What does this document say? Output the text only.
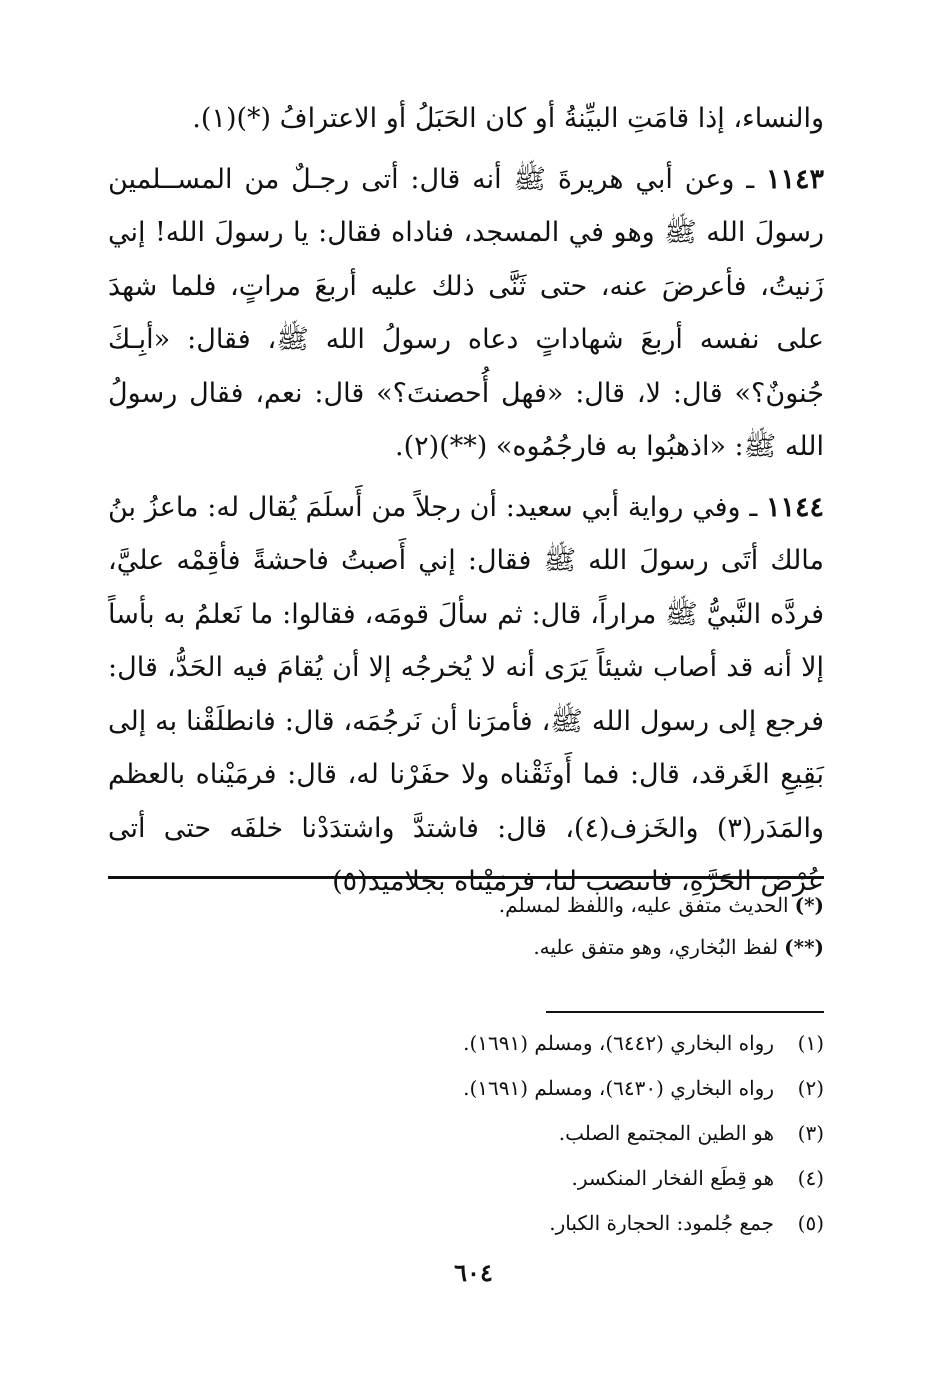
والنساء، إذا قامَتِ البيِّنةُ أو كان الحَبَلُ أو الاعترافُ (*)(١).

١١٤٣ ـ وعن أبي هريرةَ ﷺ أنه قال: أتى رجـلٌ من المســلمين رسولَ الله ﷺ وهو في المسجد، فناداه فقال: يا رسولَ الله! إني زَنيتُ، فأعرضَ عنه، حتى ثَنَّى ذلك عليه أربعَ مراتٍ، فلما شهدَ على نفسه أربعَ شهاداتٍ دعاه رسولُ الله ﷺ، فقال: «أبِـكَ جُنونٌ؟» قال: لا، قال: «فهل أُحصنتَ؟» قال: نعم، فقال رسولُ الله ﷺ: «اذهبُوا به فارجُمُوه» (**)(٢).

١١٤٤ ـ وفي رواية أبي سعيد: أن رجلاً من أَسلَمَ يُقال له: ماعزُ بنُ مالك أتَى رسولَ الله ﷺ فقال: إني أَصبتُ فاحشةً فأقِمْه عليَّ، فردَّه النَّبيُّ ﷺ مراراً، قال: ثم سألَ قومَه، فقالوا: ما نَعلمُ به بأساً إلا أنه قد أصاب شيئاً يَرَى أنه لا يُخرجُه إلا أن يُقامَ فيه الحَدُّ، قال: فرجع إلى رسول الله ﷺ، فأمرَنا أن نَرجُمَه، قال: فانطلَقْنا به إلى بَقِيعِ الغَرقد، قال: فما أَوثَقْناه ولا حفَرْنا له، قال: فرمَيْناه بالعظم والمَدَر(٣) والخَزف(٤)، قال: فاشتدَّ واشتدَدْنا خلفَه حتى أتى عُرْضَ الحَرَّةِ، فانتصب لنا، فرمَيْناه بجلاميد(٥)

(*)الحديث متفق عليه، واللفظ لمسلم.
(**)لفظ البُخاري، وهو متفق عليه.
(١)رواه البخاري (٦٤٤٢)، ومسلم (١٦٩١).
(٢)رواه البخاري (٦٤٣٠)، ومسلم (١٦٩١).
(٣)هو الطين المجتمع الصلب.
(٤)هو قِطَع الفخار المنكسر.
(٥)جمع جُلمود: الحجارة الكبار.
٦٠٤
